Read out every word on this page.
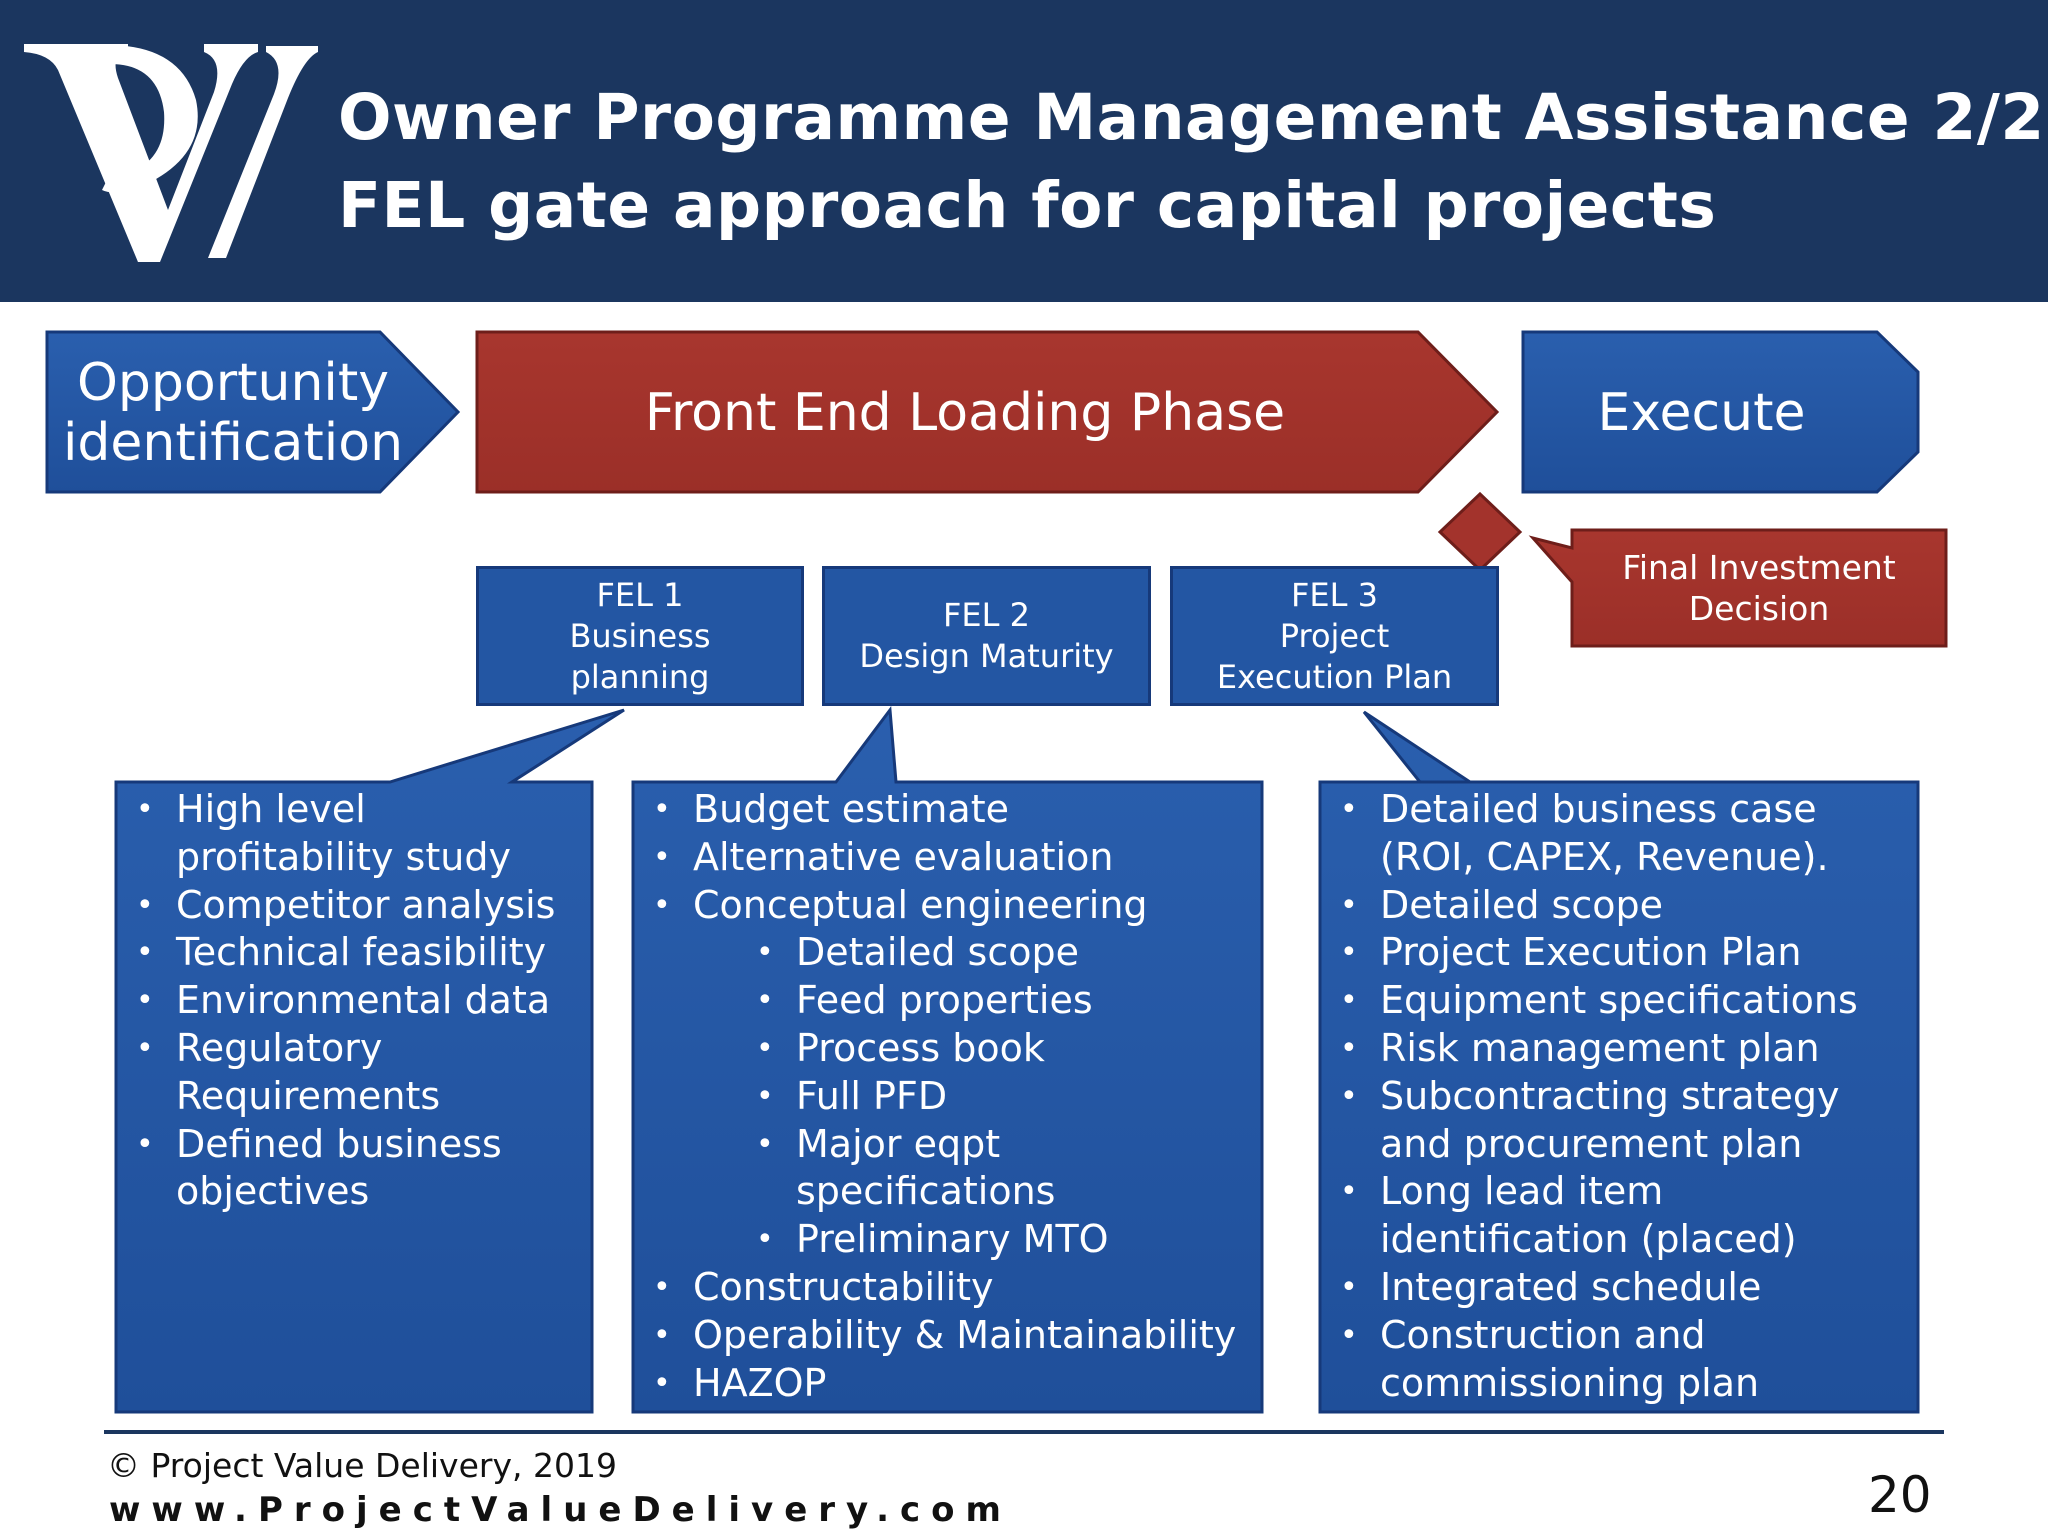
Owner Programme Management Assistance 2/2
FEL gate approach for capital projects
Opportunity
identification	Front End Loading Phase	Execute
FEL 1
Business
planning
FEL 2
Design Maturity
FEL 3
Project
Execution Plan
Final Investment
Decision
• High level
profitability study
• Competitor analysis
• Technical feasibility
• Environmental data
• Regulatory
Requirements
• Defined business
objectives
• Budget estimate
• Alternative evaluation
• Conceptual engineering
• Detailed scope
• Feed properties
• Process book
• Full PFD
• Major eqpt
specifications
• Preliminary MTO
• Constructability
• Operability & Maintainability
• HAZOP
• Detailed business case
(ROI, CAPEX, Revenue).
• Detailed scope
• Project Execution Plan
• Equipment specifications
• Risk management plan
• Subcontracting strategy
and procurement plan
• Long lead item
identification (placed)
• Integrated schedule
• Construction and
commissioning plan
© Project Value Delivery, 2019
www.ProjectValueDelivery.com	20
